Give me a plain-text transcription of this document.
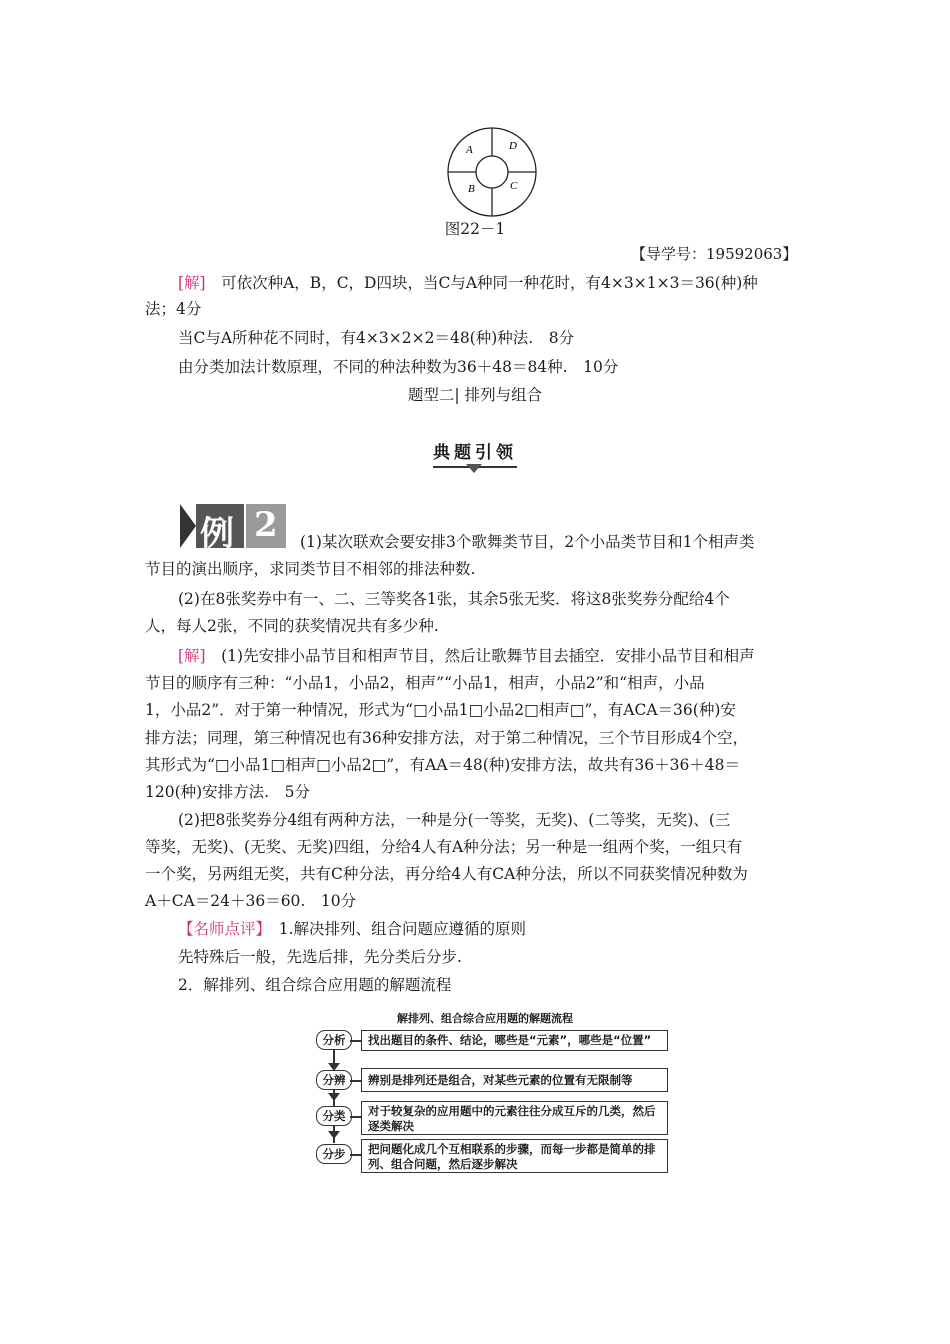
A	D
B	C
图22－1
【导学号：19592063】
[解]　可依次种A，B，C，D四块，当C与A种同一种花时，有4×3×1×3＝36(种)种
法；4分
当C与A所种花不同时，有4×3×2×2＝48(种)种法.　8分
由分类加法计数原理，不同的种法种数为36＋48＝84种.　10分
题型二| 排列与组合
典题引领
例 2 (1)某次联欢会要安排3个歌舞类节目，2个小品类节目和1个相声类
节目的演出顺序，求同类节目不相邻的排法种数.
(2)在8张奖券中有一、二、三等奖各1张，其余5张无奖．将这8张奖券分配给4个
人，每人2张，不同的获奖情况共有多少种.
[解]　(1)先安排小品节目和相声节目，然后让歌舞节目去插空．安排小品节目和相声
节目的顺序有三种：“小品1，小品2，相声”“小品1，相声，小品2”和“相声，小品
1，小品2”．对于第一种情况，形式为“□小品1□小品2□相声□”，有ACA＝36(种)安
排方法；同理，第三种情况也有36种安排方法，对于第二种情况，三个节目形成4个空，
其形式为“□小品1□相声□小品2□”，有AA＝48(种)安排方法，故共有36＋36＋48＝
120(种)安排方法.　5分
(2)把8张奖券分4组有两种方法，一种是分(一等奖，无奖)、(二等奖，无奖)、(三
等奖，无奖)、(无奖、无奖)四组，分给4人有A种分法；另一种是一组两个奖，一组只有
一个奖，另两组无奖，共有C种分法，再分给4人有CA种分法，所以不同获奖情况种数为
A＋CA＝24＋36＝60.　10分
【名师点评】　1.解决排列、组合问题应遵循的原则
先特殊后一般，先选后排，先分类后分步.
2．解排列、组合综合应用题的解题流程
解排列、组合综合应用题的解题流程
分析	找出题目的条件、结论，哪些是“元素”，哪些是“位置”
分辨	辨别是排列还是组合，对某些元素的位置有无限制等
分类	对于较复杂的应用题中的元素往往分成互斥的几类，然后逐类解决
分步	把问题化成几个互相联系的步骤，而每一步都是简单的排列、组合问题，然后逐步解决
